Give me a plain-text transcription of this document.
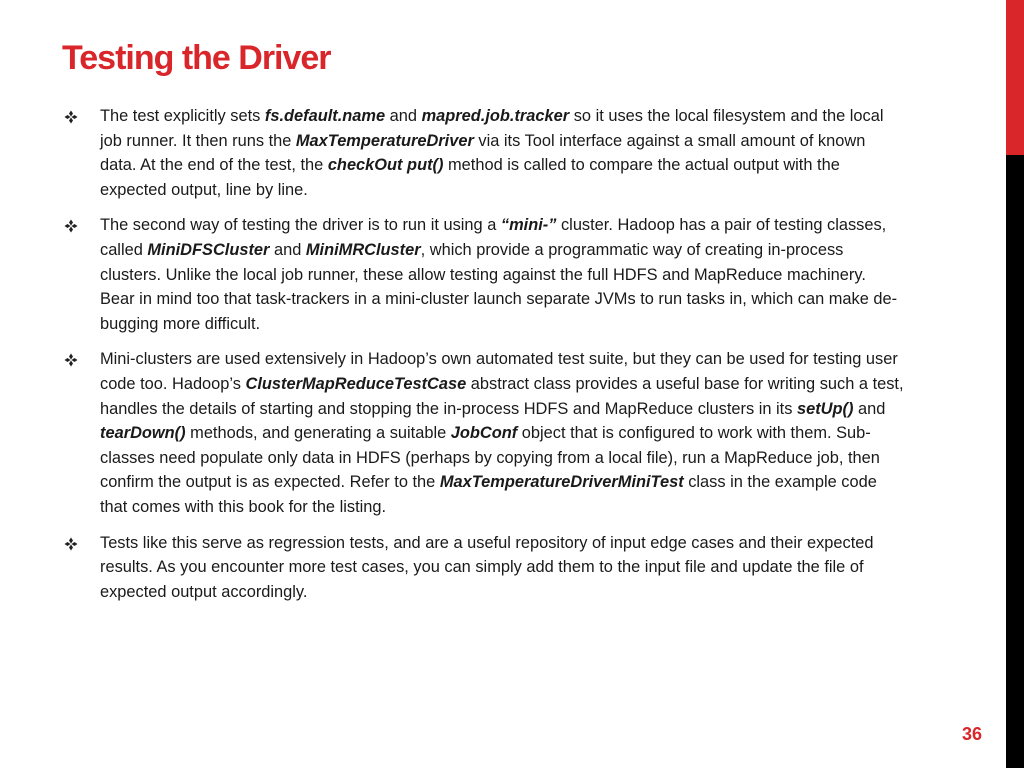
Testing the Driver
The test explicitly sets fs.default.name and mapred.job.tracker so it uses the local filesystem and the local job runner. It then runs the MaxTemperatureDriver via its Tool interface against a small amount of known data. At the end of the test, the checkOut put() method is called to compare the actual output with the expected output, line by line.
The second way of testing the driver is to run it using a “mini-” cluster. Hadoop has a pair of testing classes, called MiniDFSCluster and MiniMRCluster, which provide a programmatic way of creating in-process clusters. Unlike the local job runner, these allow testing against the full HDFS and MapReduce machinery. Bear in mind too that task-trackers in a mini-cluster launch separate JVMs to run tasks in, which can make de-bugging more difficult.
Mini-clusters are used extensively in Hadoop’s own automated test suite, but they can be used for testing user code too. Hadoop’s ClusterMapReduceTestCase abstract class provides a useful base for writing such a test, handles the details of starting and stopping the in-process HDFS and MapReduce clusters in its setUp() and tearDown() methods, and generating a suitable JobConf object that is configured to work with them. Sub-classes need populate only data in HDFS (perhaps by copying from a local file), run a MapReduce job, then confirm the output is as expected. Refer to the MaxTemperatureDriverMiniTest class in the example code that comes with this book for the listing.
Tests like this serve as regression tests, and are a useful repository of input edge cases and their expected results. As you encounter more test cases, you can simply add them to the input file and update the file of expected output accordingly.
36
